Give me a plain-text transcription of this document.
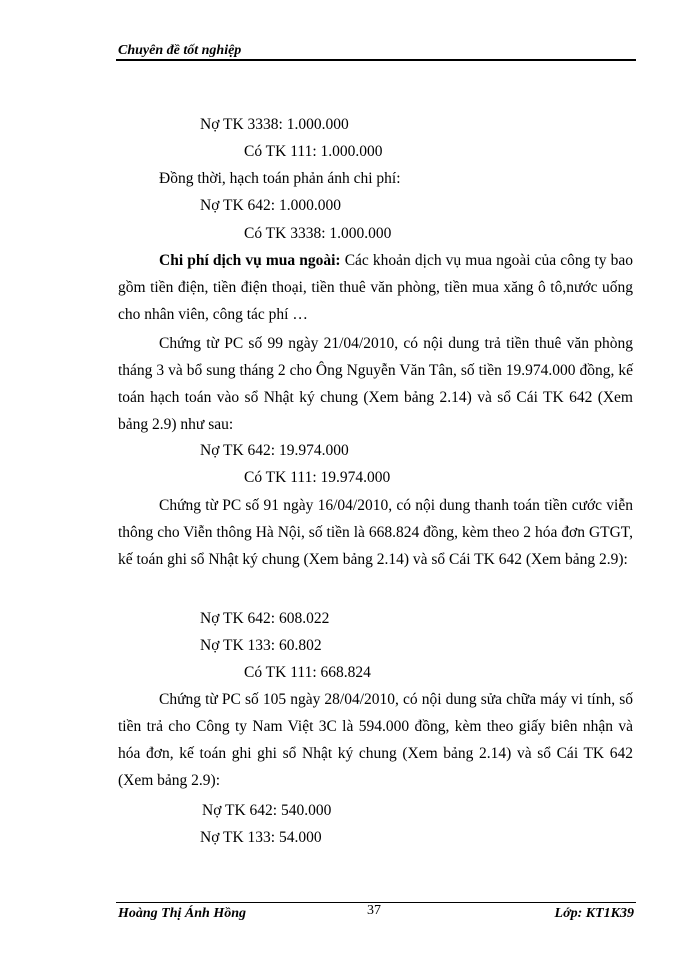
Chuyên đề tốt nghiệp
Nợ TK 3338: 1.000.000
Có TK 111: 1.000.000
Đồng thời, hạch toán phản ánh chi phí:
Nợ TK 642: 1.000.000
Có TK 3338: 1.000.000
Chi phí dịch vụ mua ngoài: Các khoản dịch vụ mua ngoài của công ty bao gồm tiền điện, tiền điện thoại, tiền thuê văn phòng, tiền mua xăng ô tô,nước uống cho nhân viên, công tác phí …
Chứng từ PC số 99 ngày 21/04/2010, có nội dung trả tiền thuê văn phòng tháng 3 và bổ sung tháng 2 cho Ông Nguyễn Văn Tân, số tiền 19.974.000 đồng, kế toán hạch toán vào sổ Nhật ký chung (Xem bảng 2.14) và sổ Cái TK 642 (Xem bảng 2.9) như sau:
Nợ TK 642: 19.974.000
Có TK 111: 19.974.000
Chứng từ PC số 91 ngày 16/04/2010, có nội dung thanh toán tiền cước viễn thông cho Viễn thông Hà Nội, số tiền là 668.824 đồng, kèm theo 2 hóa đơn GTGT, kế toán ghi sổ Nhật ký chung (Xem bảng 2.14) và sổ Cái TK 642 (Xem bảng 2.9):
Nợ TK 642: 608.022
Nợ TK 133: 60.802
Có TK 111: 668.824
Chứng từ PC số 105 ngày 28/04/2010, có nội dung sửa chữa máy vi tính, số tiền trả cho Công ty Nam Việt 3C là 594.000 đồng, kèm theo giấy biên nhận và hóa đơn, kế toán ghi ghi sổ Nhật ký chung (Xem bảng 2.14) và sổ Cái TK 642 (Xem bảng 2.9):
Nợ TK 642: 540.000
Nợ TK 133: 54.000
Hoàng Thị Ánh Hồng	37	Lớp: KT1K39
